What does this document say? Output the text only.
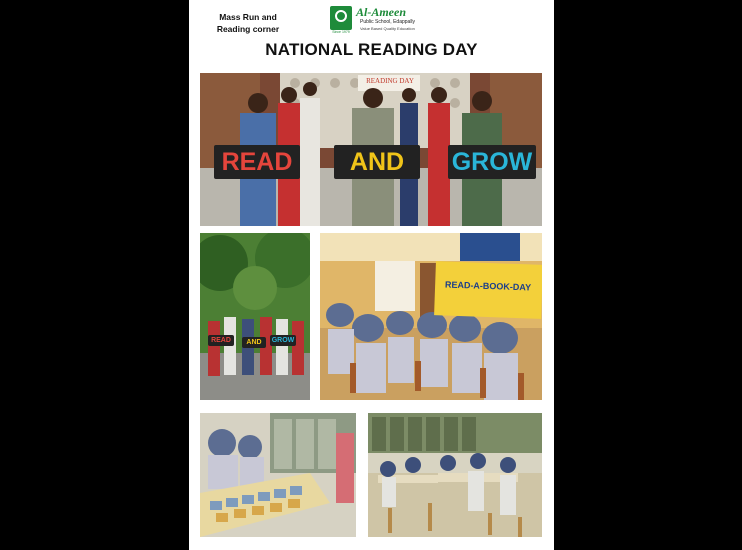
Mass Run and
Reading corner	Since 1979
Al-Ameen
Public School, Edappally
Value Based Quality Education
NATIONAL READING DAY
READING DAY
READ	AND	GROW
READ	AND	GROW
READ-A-BOOK-DAY
